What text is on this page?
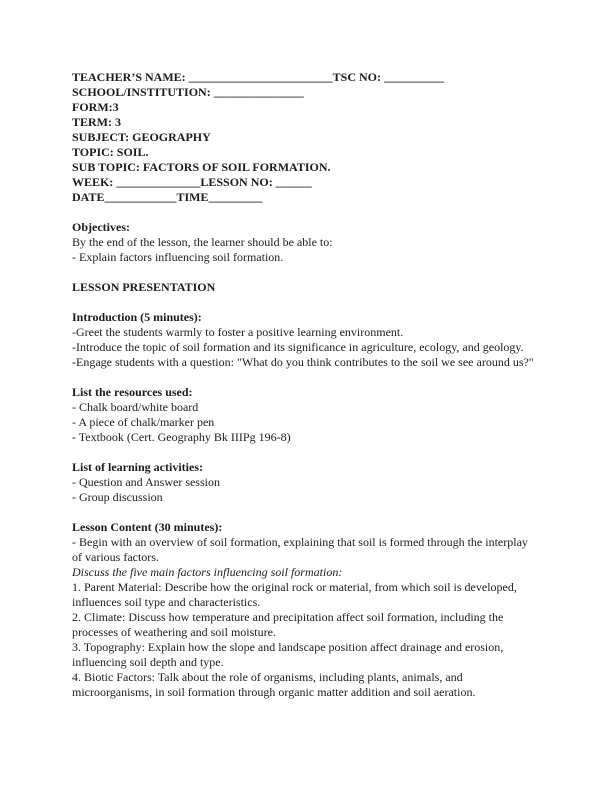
TEACHER’S NAME: ________________________TSC NO: __________
SCHOOL/INSTITUTION: _______________
FORM:3
TERM: 3
SUBJECT: GEOGRAPHY
TOPIC: SOIL.
SUB TOPIC: FACTORS OF SOIL FORMATION.
WEEK: ______________LESSON NO: ______
DATE____________TIME_________
Objectives:
By the end of the lesson, the learner should be able to:
- Explain factors influencing soil formation.
LESSON PRESENTATION
Introduction (5 minutes):
-Greet the students warmly to foster a positive learning environment.
-Introduce the topic of soil formation and its significance in agriculture, ecology, and geology.
-Engage students with a question: "What do you think contributes to the soil we see around us?"
List the resources used:
- Chalk board/white board
- A piece of chalk/marker pen
- Textbook (Cert. Geography Bk IIIPg 196-8)
List of learning activities:
- Question and Answer session
- Group discussion
Lesson Content (30 minutes):
- Begin with an overview of soil formation, explaining that soil is formed through the interplay
of various factors.
Discuss the five main factors influencing soil formation:
1. Parent Material: Describe how the original rock or material, from which soil is developed,
influences soil type and characteristics.
2. Climate: Discuss how temperature and precipitation affect soil formation, including the
processes of weathering and soil moisture.
3. Topography: Explain how the slope and landscape position affect drainage and erosion,
influencing soil depth and type.
4. Biotic Factors: Talk about the role of organisms, including plants, animals, and
microorganisms, in soil formation through organic matter addition and soil aeration.
